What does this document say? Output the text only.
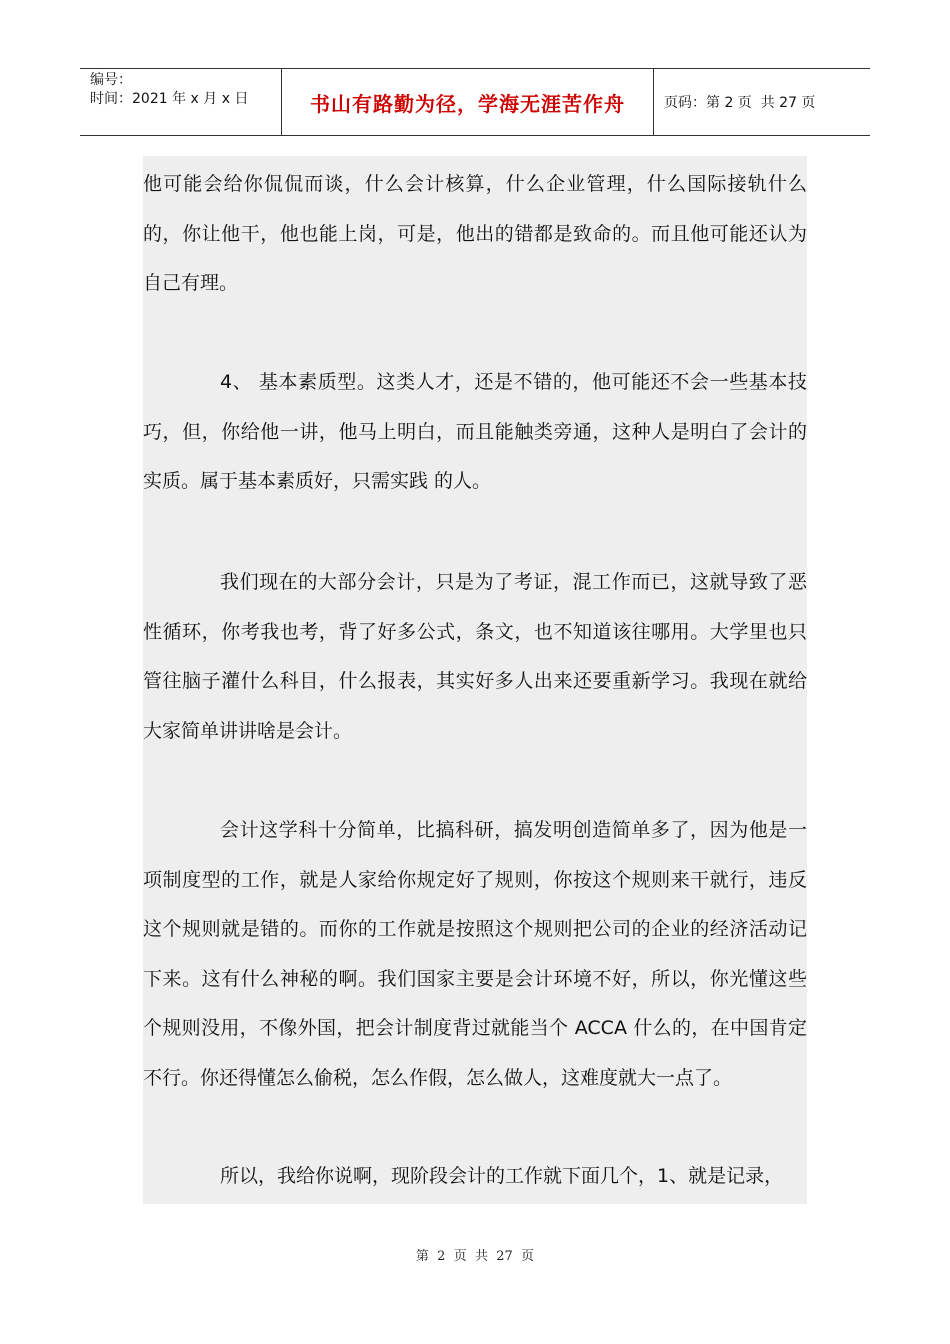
编号：
时间：2021 年 x 月 x 日	书山有路勤为径，学海无涯苦作舟	页码：第 2 页  共 27 页

他可能会给你侃侃而谈，什么会计核算，什么企业管理，什么国际接轨什么的，你让他干，他也能上岗，可是，他出的错都是致命的。而且他可能还认为自己有理。

4、 基本素质型。这类人才，还是不错的，他可能还不会一些基本技巧，但，你给他一讲，他马上明白，而且能触类旁通，这种人是明白了会计的实质。属于基本素质好，只需实践 的人。

我们现在的大部分会计，只是为了考证，混工作而已，这就导致了恶性循环，你考我也考，背了好多公式，条文，也不知道该往哪用。大学里也只管往脑子灌什么科目，什么报表，其实好多人出来还要重新学习。我现在就给大家简单讲讲啥是会计。

会计这学科十分简单，比搞科研，搞发明创造简单多了，因为他是一项制度型的工作，就是人家给你规定好了规则，你按这个规则来干就行，违反这个规则就是错的。而你的工作就是按照这个规则把公司的企业的经济活动记下来。这有什么神秘的啊。我们国家主要是会计环境不好，所以，你光懂这些个规则没用，不像外国，把会计制度背过就能当个 ACCA 什么的，在中国肯定不行。你还得懂怎么偷税，怎么作假，怎么做人，这难度就大一点了。

所以，我给你说啊，现阶段会计的工作就下面几个，1、就是记录，

第  2  页  共  27  页
